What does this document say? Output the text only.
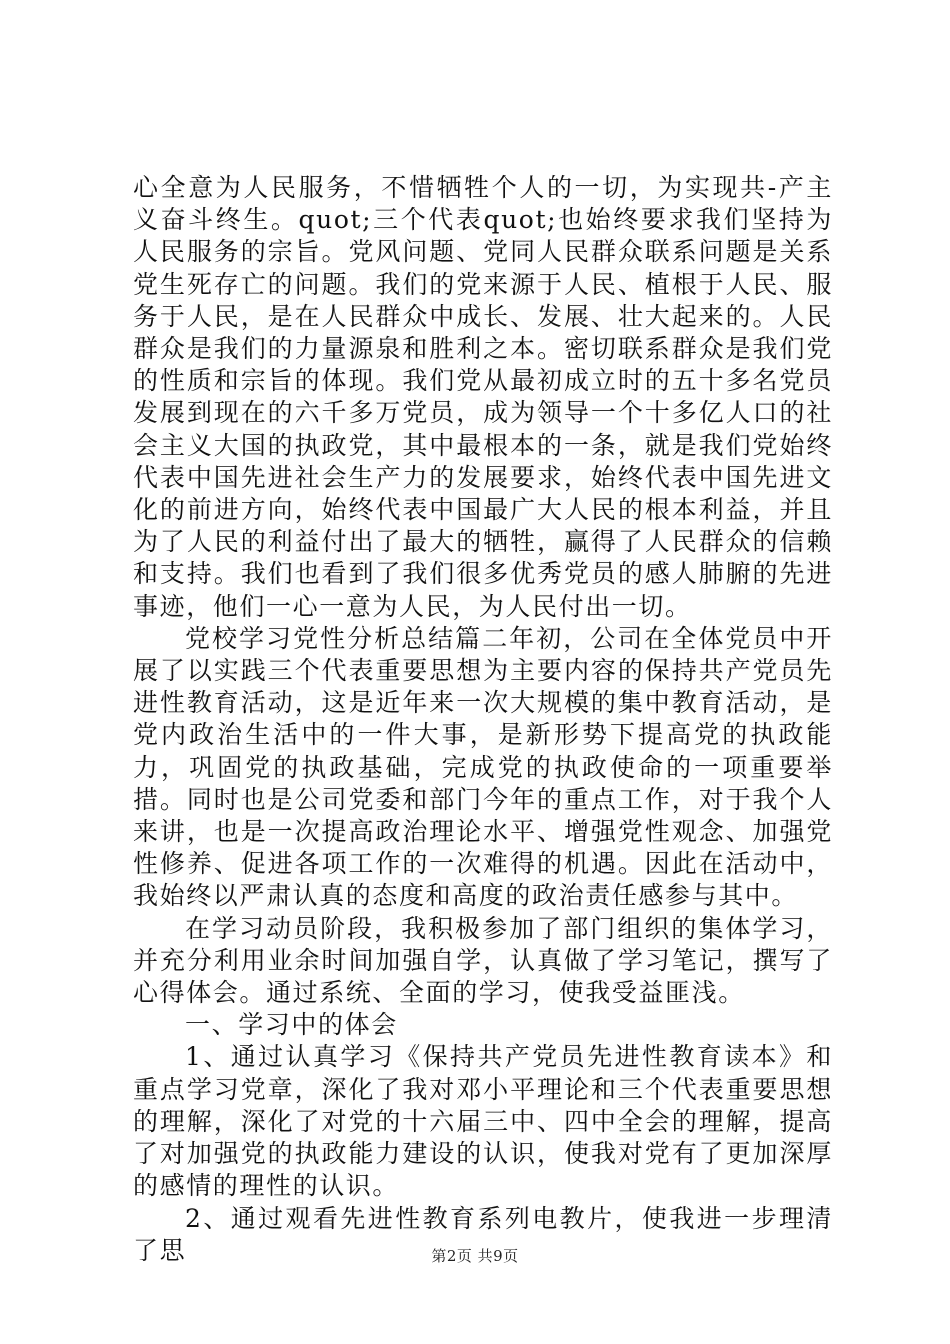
心全意为人民服务，不惜牺牲个人的一切，为实现共-产主义奋斗终生。quot;三个代表quot;也始终要求我们坚持为人民服务的宗旨。党风问题、党同人民群众联系问题是关系党生死存亡的问题。我们的党来源于人民、植根于人民、服务于人民，是在人民群众中成长、发展、壮大起来的。人民群众是我们的力量源泉和胜利之本。密切联系群众是我们党的性质和宗旨的体现。我们党从最初成立时的五十多名党员发展到现在的六千多万党员，成为领导一个十多亿人口的社会主义大国的执政党，其中最根本的一条，就是我们党始终代表中国先进社会生产力的发展要求，始终代表中国先进文化的前进方向，始终代表中国最广大人民的根本利益，并且为了人民的利益付出了最大的牺牲，赢得了人民群众的信赖和支持。我们也看到了我们很多优秀党员的感人肺腑的先进事迹，他们一心一意为人民，为人民付出一切。

党校学习党性分析总结篇二年初，公司在全体党员中开展了以实践三个代表重要思想为主要内容的保持共产党员先进性教育活动，这是近年来一次大规模的集中教育活动，是党内政治生活中的一件大事，是新形势下提高党的执政能力，巩固党的执政基础，完成党的执政使命的一项重要举措。同时也是公司党委和部门今年的重点工作，对于我个人来讲，也是一次提高政治理论水平、增强党性观念、加强党性修养、促进各项工作的一次难得的机遇。因此在活动中，我始终以严肃认真的态度和高度的政治责任感参与其中。

在学习动员阶段，我积极参加了部门组织的集体学习，并充分利用业余时间加强自学，认真做了学习笔记，撰写了心得体会。通过系统、全面的学习，使我受益匪浅。

一、学习中的体会

1、通过认真学习《保持共产党员先进性教育读本》和重点学习党章，深化了我对邓小平理论和三个代表重要思想的理解，深化了对党的十六届三中、四中全会的理解，提高了对加强党的执政能力建设的认识，使我对党有了更加深厚的感情的理性的认识。

2、通过观看先进性教育系列电教片，使我进一步理清了思	第2页 共9页
